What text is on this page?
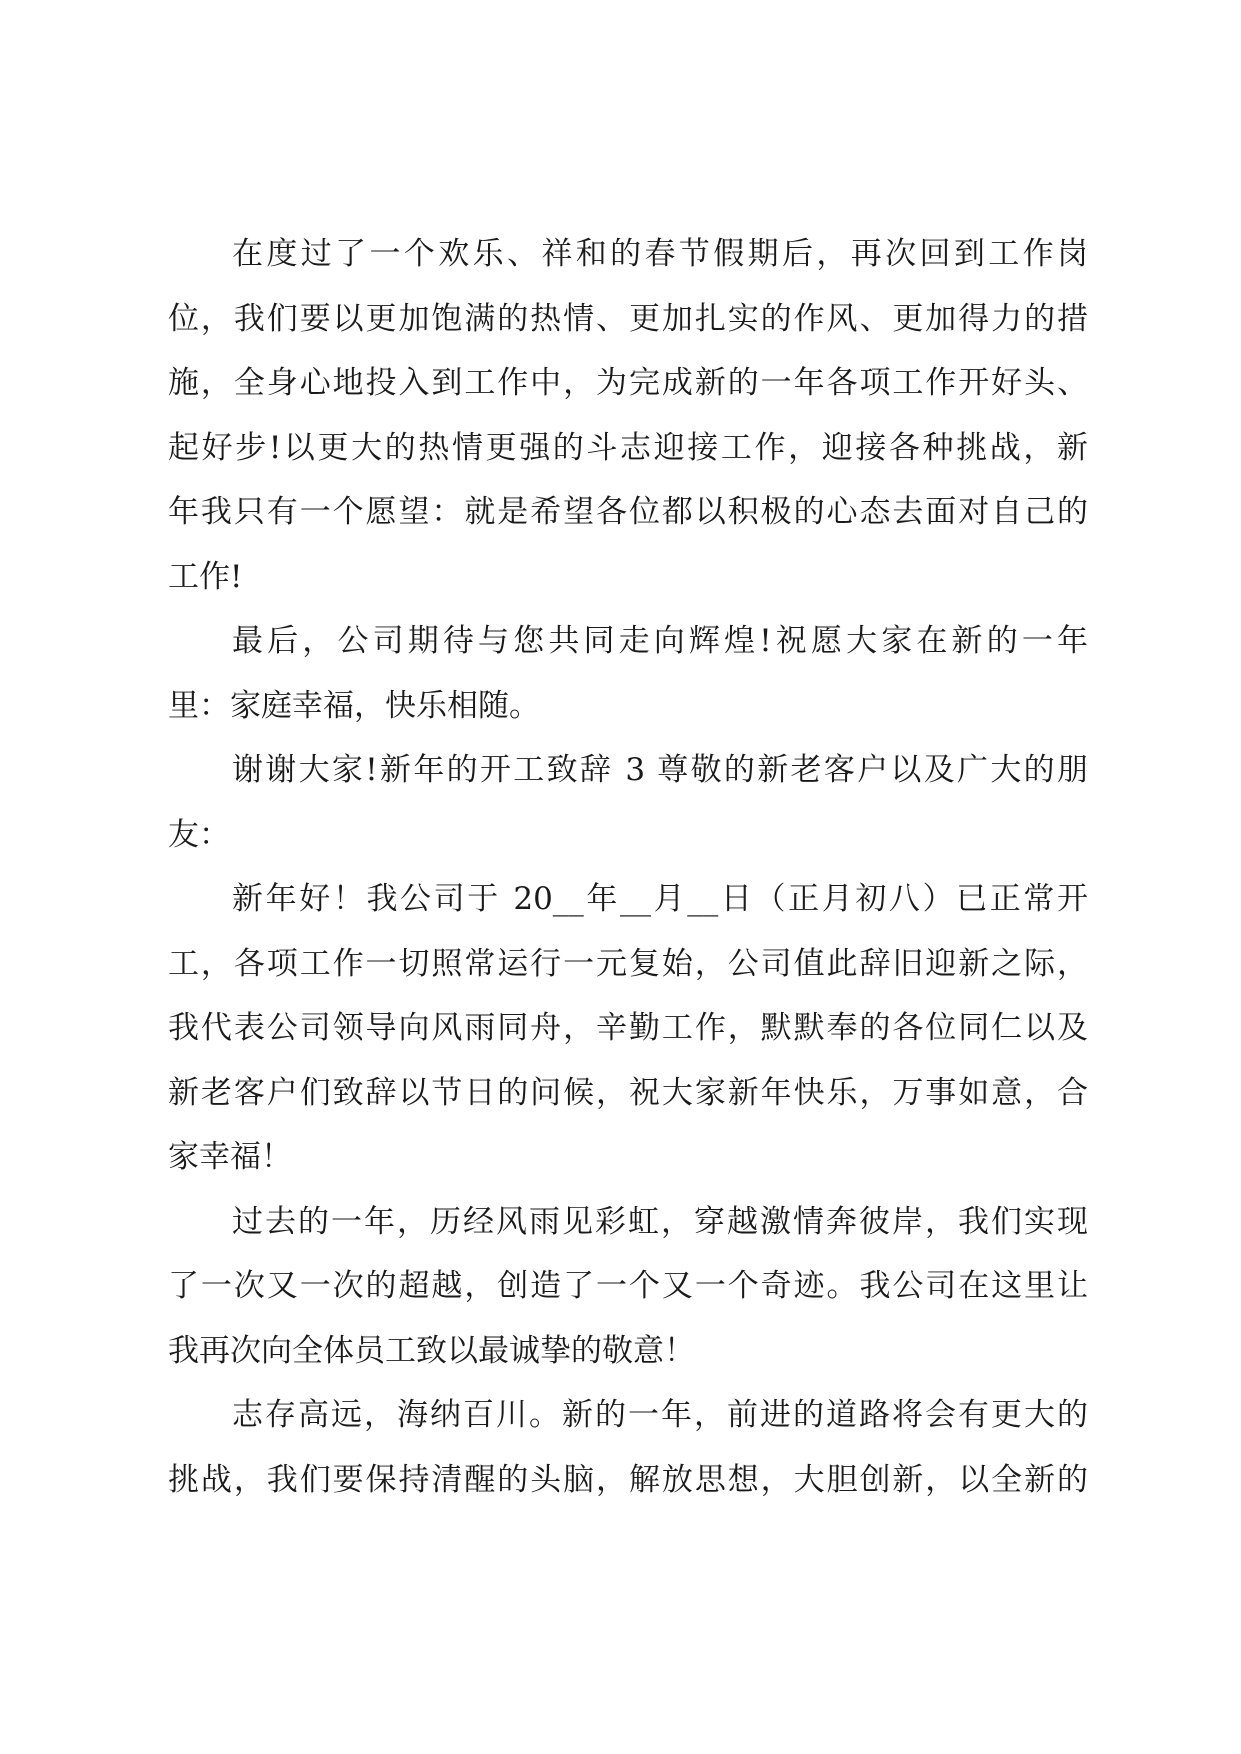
在度过了一个欢乐、祥和的春节假期后，再次回到工作岗
位，我们要以更加饱满的热情、更加扎实的作风、更加得力的措
施，全身心地投入到工作中，为完成新的一年各项工作开好头、
起好步!以更大的热情更强的斗志迎接工作，迎接各种挑战，新
年我只有一个愿望：就是希望各位都以积极的心态去面对自己的
工作!
最后，公司期待与您共同走向辉煌!祝愿大家在新的一年
里：家庭幸福，快乐相随。
谢谢大家!新年的开工致辞 3 尊敬的新老客户以及广大的朋
友：
新年好！我公司于 20__年__月__日（正月初八）已正常开
工，各项工作一切照常运行一元复始，公司值此辞旧迎新之际，
我代表公司领导向风雨同舟，辛勤工作，默默奉的各位同仁以及
新老客户们致辞以节日的问候，祝大家新年快乐，万事如意，合
家幸福！
过去的一年，历经风雨见彩虹，穿越激情奔彼岸，我们实现
了一次又一次的超越，创造了一个又一个奇迹。我公司在这里让
我再次向全体员工致以最诚挚的敬意！
志存高远，海纳百川。新的一年，前进的道路将会有更大的
挑战，我们要保持清醒的头脑，解放思想，大胆创新，以全新的
